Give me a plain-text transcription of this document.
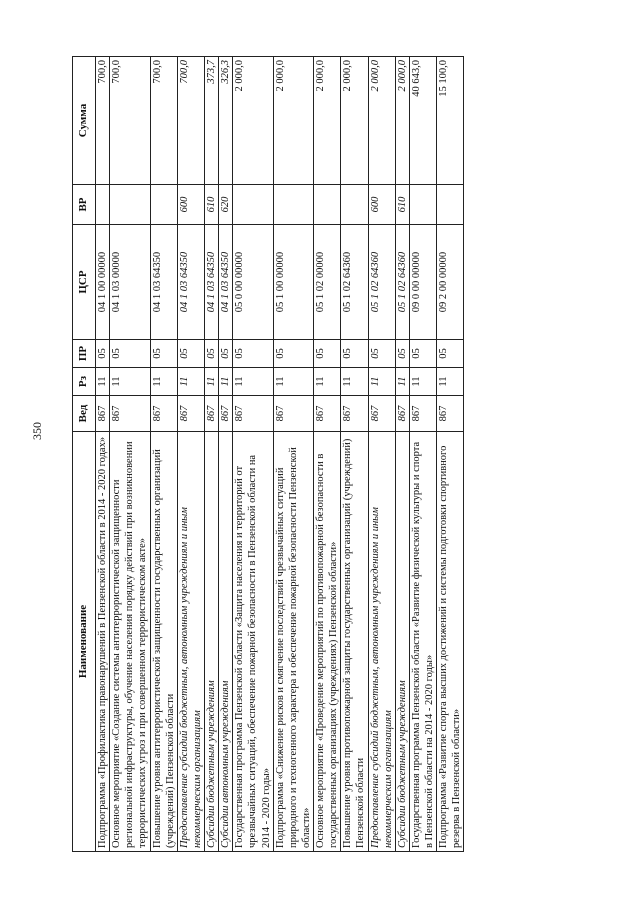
350
Наименование	Вед	Рз	ПР	ЦСР	ВР	Сумма
Подпрограмма «Профилактика правонарушений в Пензенской области в 2014 - 2020 годах»	867	11	05	04 1 00 00000		700,0
Основное мероприятие «Создание системы антитеррористической защищенности региональной инфраструктуры, обучение населения порядку действий при возникновении террористических угроз и при совершенном террористическом акте»	867	11	05	04 1 03 00000		700,0
Повышение уровня антитеррористической защищенности государственных организаций (учреждений) Пензенской области	867	11	05	04 1 03 64350		700,0
Предоставление субсидий бюджетным, автономным учреждениям и иным некоммерческим организациям	867	11	05	04 1 03 64350	600	700,0
Субсидии бюджетным учреждениям	867	11	05	04 1 03 64350	610	373,7
Субсидии автономным учреждениям	867	11	05	04 1 03 64350	620	326,3
Государственная программа Пензенской области «Защита населения и территорий от чрезвычайных ситуаций, обеспечение пожарной безопасности в Пензенской области на 2014 - 2020 годы»	867	11	05	05 0 00 00000		2 000,0
Подпрограмма «Снижение рисков и смягчение последствий чрезвычайных ситуаций природного и техногенного характера и обеспечение пожарной безопасности Пензенской области»	867	11	05	05 1 00 00000		2 000,0
Основное мероприятие «Проведение мероприятий по противопожарной безопасности в государственных организациях (учреждениях) Пензенской области»	867	11	05	05 1 02 00000		2 000,0
Повышение уровня противопожарной защиты государственных организаций (учреждений) Пензенской области	867	11	05	05 1 02 64360		2 000,0
Предоставление субсидий бюджетным, автономным учреждениям и иным некоммерческим организациям	867	11	05	05 1 02 64360	600	2 000,0
Субсидии бюджетным учреждениям	867	11	05	05 1 02 64360	610	2 000,0
Государственная программа Пензенской области «Развитие физической культуры и спорта в Пензенской области на 2014 - 2020 годы»	867	11	05	09 0 00 00000		40 643,0
Подпрограмма «Развитие спорта высших достижений и системы подготовки спортивного резерва в Пензенской области»	867	11	05	09 2 00 00000		15 100,0
